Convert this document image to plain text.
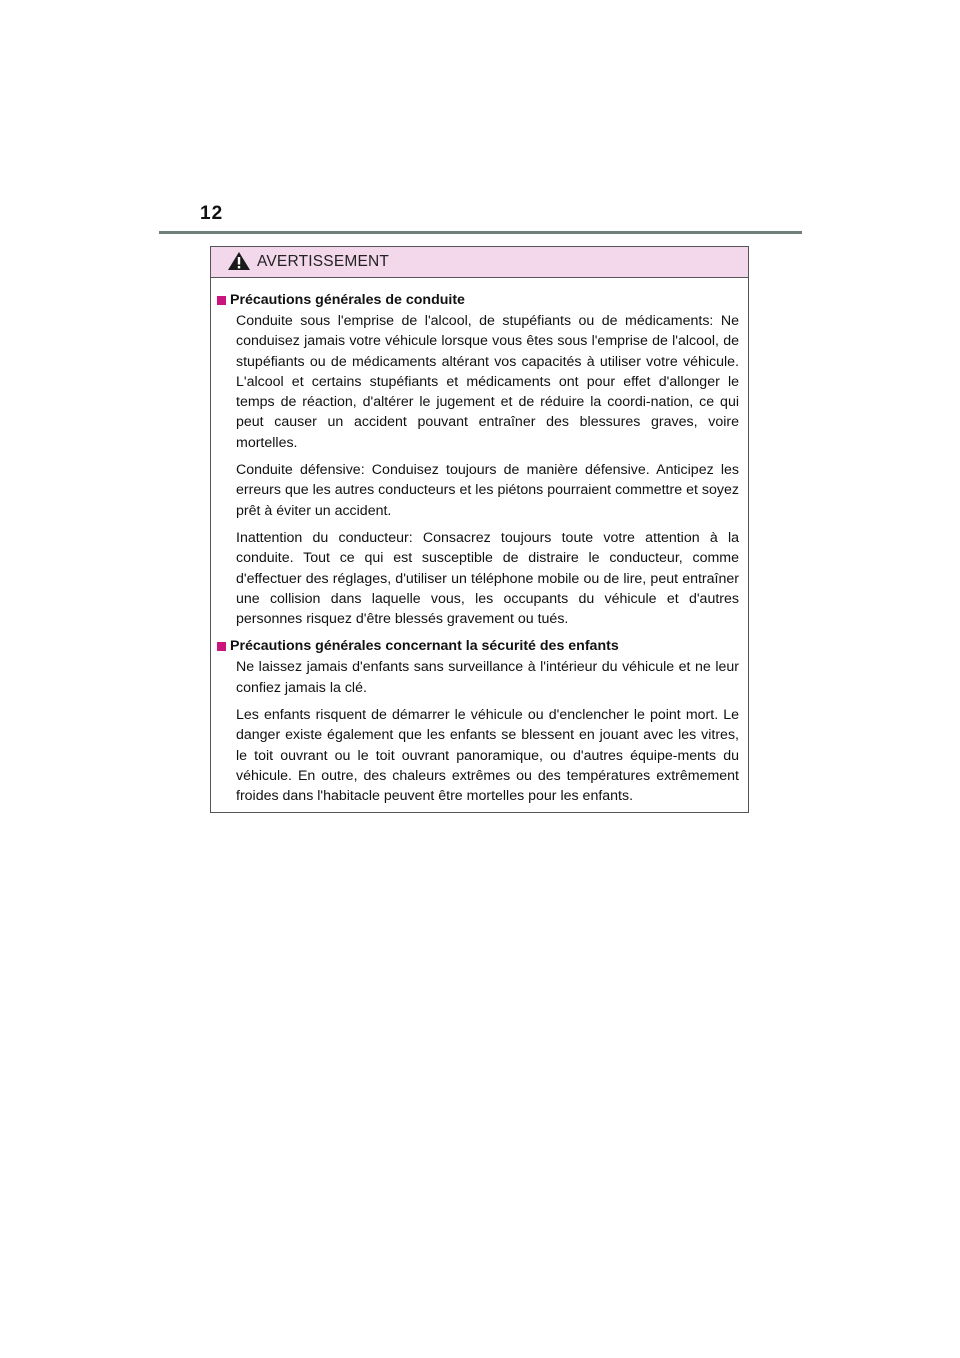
12
AVERTISSEMENT
Précautions générales de conduite

Conduite sous l'emprise de l'alcool, de stupéfiants ou de médicaments: Ne conduisez jamais votre véhicule lorsque vous êtes sous l'emprise de l'alcool, de stupéfiants ou de médicaments altérant vos capacités à utiliser votre véhicule. L'alcool et certains stupéfiants et médicaments ont pour effet d'allonger le temps de réaction, d'altérer le jugement et de réduire la coordi-nation, ce qui peut causer un accident pouvant entraîner des blessures graves, voire mortelles.

Conduite défensive: Conduisez toujours de manière défensive. Anticipez les erreurs que les autres conducteurs et les piétons pourraient commettre et soyez prêt à éviter un accident.

Inattention du conducteur: Consacrez toujours toute votre attention à la conduite. Tout ce qui est susceptible de distraire le conducteur, comme d'effectuer des réglages, d'utiliser un téléphone mobile ou de lire, peut entraîner une collision dans laquelle vous, les occupants du véhicule et d'autres personnes risquez d'être blessés gravement ou tués.

Précautions générales concernant la sécurité des enfants

Ne laissez jamais d'enfants sans surveillance à l'intérieur du véhicule et ne leur confiez jamais la clé.

Les enfants risquent de démarrer le véhicule ou d'enclencher le point mort. Le danger existe également que les enfants se blessent en jouant avec les vitres, le toit ouvrant ou le toit ouvrant panoramique, ou d'autres équipe-ments du véhicule. En outre, des chaleurs extrêmes ou des températures extrêmement froides dans l'habitacle peuvent être mortelles pour les enfants.
